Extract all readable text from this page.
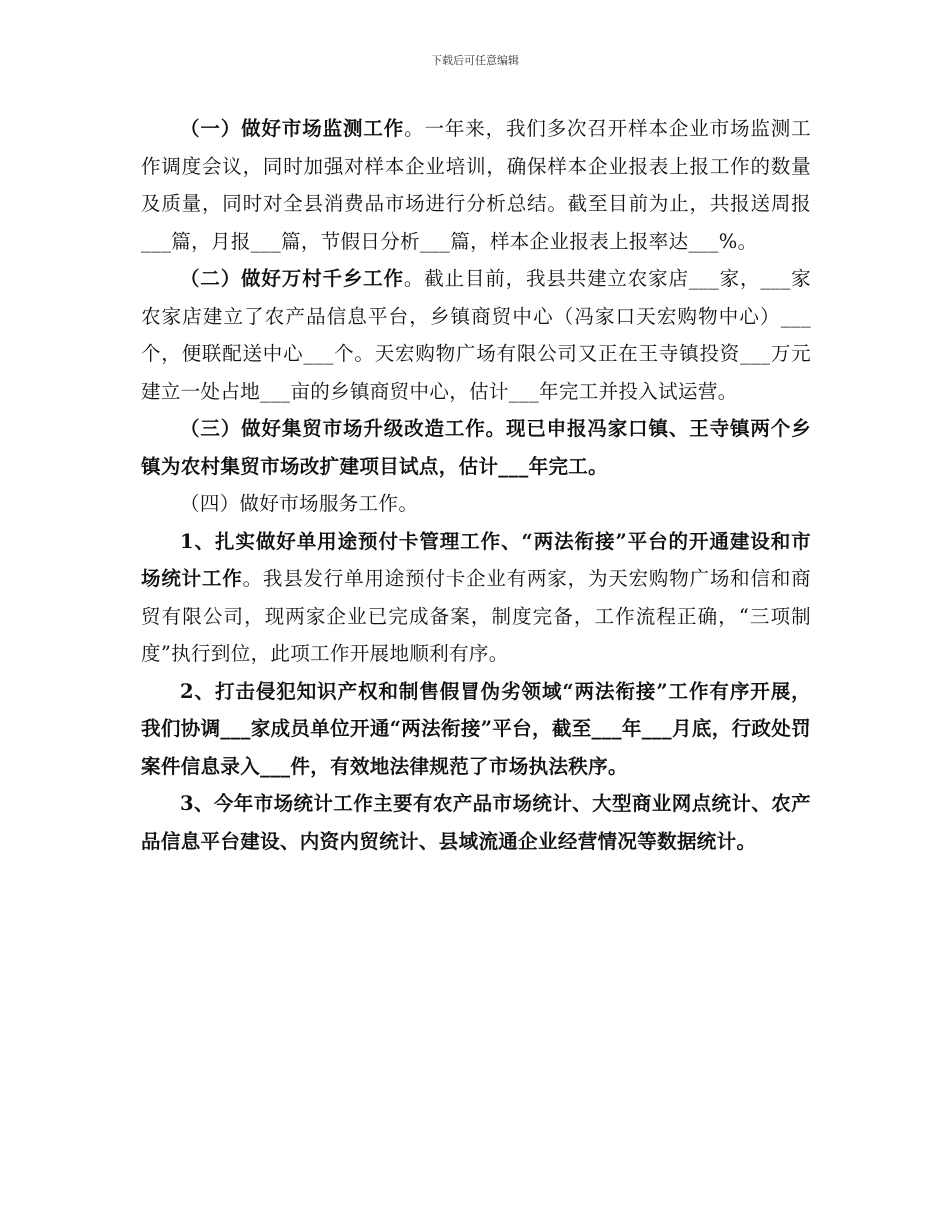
下载后可任意编辑

（一）做好市场监测工作。一年来，我们多次召开样本企业市场监测工作调度会议，同时加强对样本企业培训，确保样本企业报表上报工作的数量及质量，同时对全县消费品市场进行分析总结。截至目前为止，共报送周报___篇，月报___篇，节假日分析___篇，样本企业报表上报率达___%。

（二）做好万村千乡工作。截止目前，我县共建立农家店___家，___家农家店建立了农产品信息平台，乡镇商贸中心（冯家口天宏购物中心）___个，便联配送中心___个。天宏购物广场有限公司又正在王寺镇投资___万元建立一处占地___亩的乡镇商贸中心，估计___年完工并投入试运营。

（三）做好集贸市场升级改造工作。现已申报冯家口镇、王寺镇两个乡镇为农村集贸市场改扩建项目试点，估计___年完工。

（四）做好市场服务工作。

1、扎实做好单用途预付卡管理工作、“两法衔接”平台的开通建设和市场统计工作。我县发行单用途预付卡企业有两家，为天宏购物广场和信和商贸有限公司，现两家企业已完成备案，制度完备，工作流程正确，“三项制度”执行到位，此项工作开展地顺利有序。

2、打击侵犯知识产权和制售假冒伪劣领域“两法衔接”工作有序开展，我们协调___家成员单位开通“两法衔接”平台，截至___年___月底，行政处罚案件信息录入___件，有效地法律规范了市场执法秩序。

3、今年市场统计工作主要有农产品市场统计、大型商业网点统计、农产品信息平台建设、内资内贸统计、县域流通企业经营情况等数据统计。
